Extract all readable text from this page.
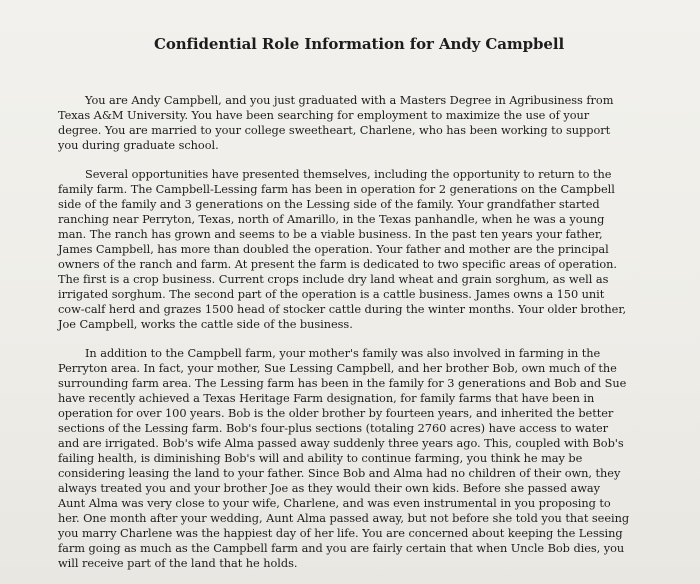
Confidential Role Information for Andy Campbell

You are Andy Campbell, and you just graduated with a Masters Degree in Agribusiness from Texas A&M University. You have been searching for employment to maximize the use of your degree. You are married to your college sweetheart, Charlene, who has been working to support you during graduate school.

Several opportunities have presented themselves, including the opportunity to return to the family farm. The Campbell-Lessing farm has been in operation for 2 generations on the Campbell side of the family and 3 generations on the Lessing side of the family. Your grandfather started ranching near Perryton, Texas, north of Amarillo, in the Texas panhandle, when he was a young man. The ranch has grown and seems to be a viable business. In the past ten years your father, James Campbell, has more than doubled the operation. Your father and mother are the principal owners of the ranch and farm. At present the farm is dedicated to two specific areas of operation. The first is a crop business. Current crops include dry land wheat and grain sorghum, as well as irrigated sorghum. The second part of the operation is a cattle business. James owns a 150 unit cow-calf herd and grazes 1500 head of stocker cattle during the winter months. Your older brother, Joe Campbell, works the cattle side of the business.

In addition to the Campbell farm, your mother's family was also involved in farming in the Perryton area. In fact, your mother, Sue Lessing Campbell, and her brother Bob, own much of the surrounding farm area. The Lessing farm has been in the family for 3 generations and Bob and Sue have recently achieved a Texas Heritage Farm designation, for family farms that have been in operation for over 100 years. Bob is the older brother by fourteen years, and inherited the better sections of the Lessing farm. Bob's four-plus sections (totaling 2760 acres) have access to water and are irrigated. Bob's wife Alma passed away suddenly three years ago. This, coupled with Bob's failing health, is diminishing Bob's will and ability to continue farming, you think he may be considering leasing the land to your father. Since Bob and Alma had no children of their own, they always treated you and your brother Joe as they would their own kids. Before she passed away Aunt Alma was very close to your wife, Charlene, and was even instrumental in you proposing to her. One month after your wedding, Aunt Alma passed away, but not before she told you that seeing you marry Charlene was the happiest day of her life. You are concerned about keeping the Lessing farm going as much as the Campbell farm and you are fairly certain that when Uncle Bob dies, you will receive part of the land that he holds.
